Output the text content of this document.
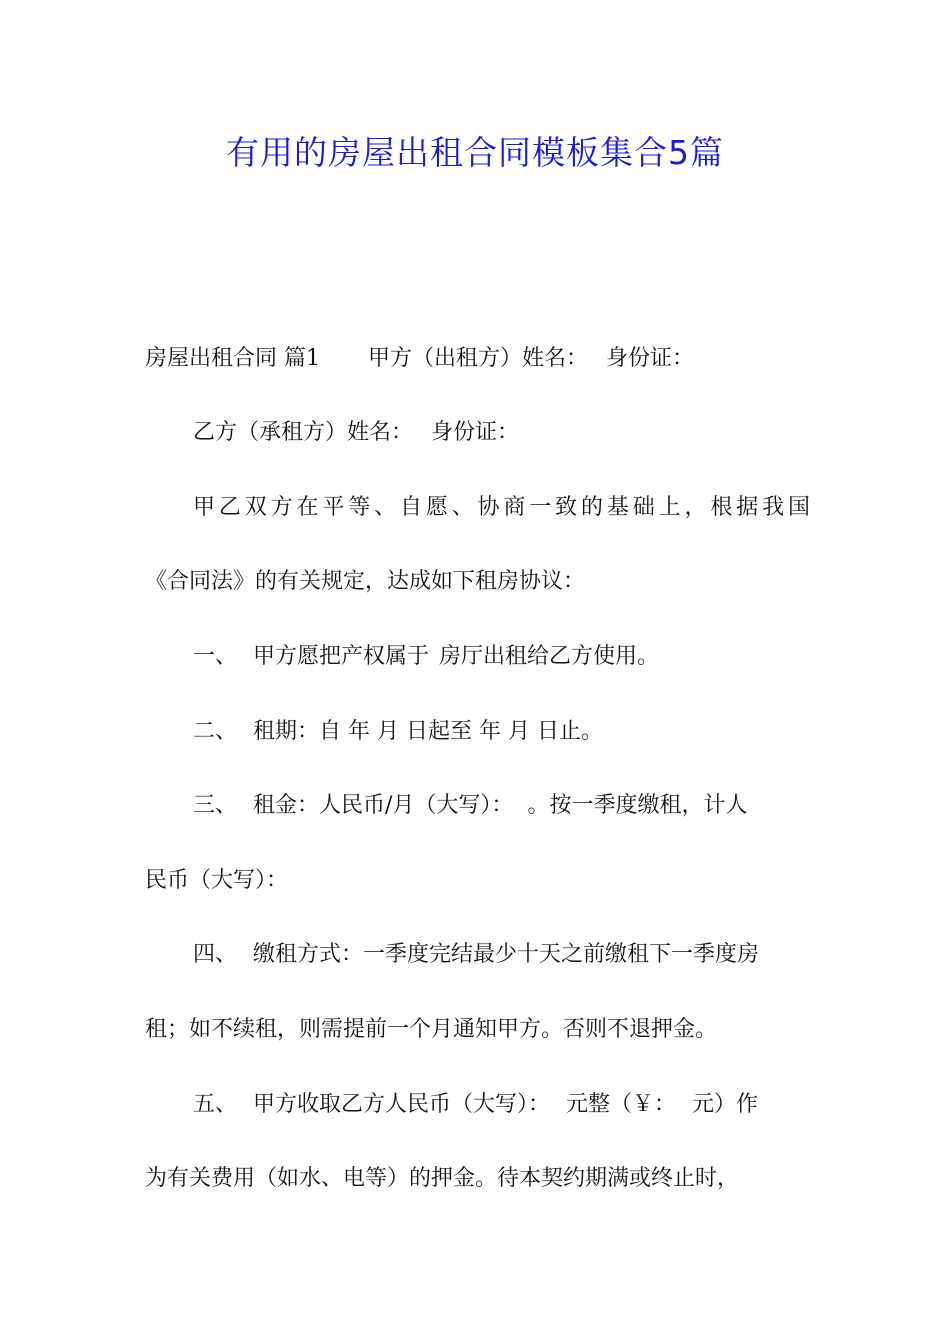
有用的房屋出租合同模板集合5篇

房屋出租合同 篇1 甲方（出租方）姓名： 身份证：

乙方（承租方）姓名： 身份证：

甲乙双方在平等、自愿、协商一致的基础上，根据我国

《合同法》的有关规定，达成如下租房协议：

一、 甲方愿把产权属于 房厅出租给乙方使用。

二、 租期：自 年 月 日起至 年 月 日止。

三、 租金：人民币/月（大写）： 。按一季度缴租，计人

民币（大写）：

四、 缴租方式：一季度完结最少十天之前缴租下一季度房

租；如不续租，则需提前一个月通知甲方。否则不退押金。

五、 甲方收取乙方人民币（大写）： 元整（￥： 元）作

为有关费用（如水、电等）的押金。待本契约期满或终止时，
